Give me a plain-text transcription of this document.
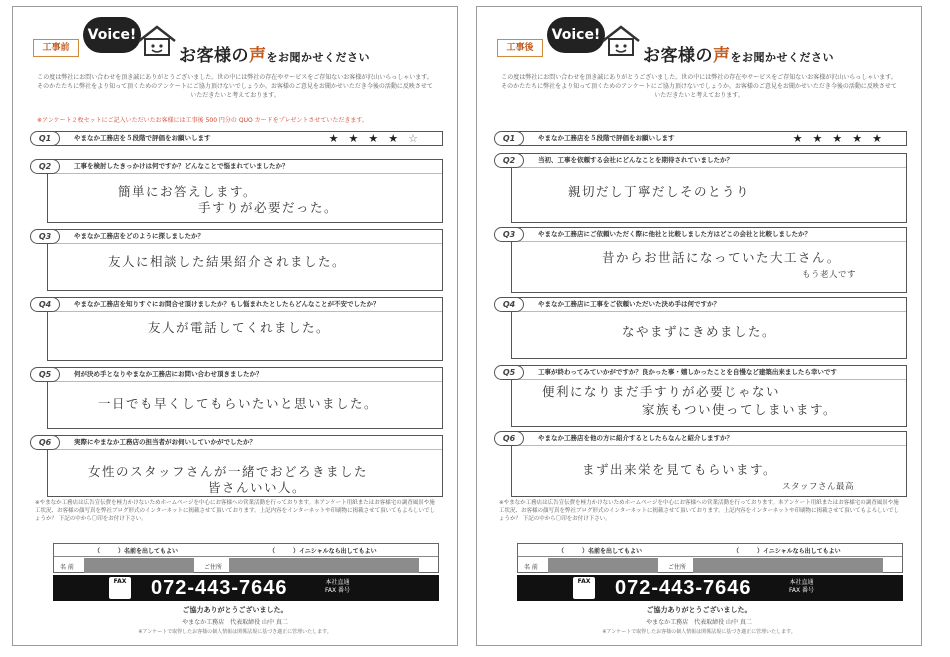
工事前
Voice!
お客様の声をお聞かせください
この度は弊社にお問い合わせを頂き誠にありがとうございました。世の中には弊社の存在やサービスをご存知ないお客様が沢山いらっしゃいます。そのかたたちに弊社をより知って頂くためのアンケートにご協力頂けないでしょうか。お客様のご意見をお聞かせいただき今後の活動に反映させていただきたいと考えております。
※アンケート２枚セットにご記入いただいたお客様には工事後 500 円分の QUO カードをプレゼントさせていただきます。
Q1	やまなか工務店を５段階で評価をお願いします	★★★★☆
Q2	工事を検討したきっかけは何ですか？どんなことで悩まれていましたか？
簡単にお答えします。
手すりが必要だった。
Q3	やまなか工務店をどのように探しましたか？
友人に相談した結果紹介されました。
Q4	やまなか工務店を知りすぐにお問合せ頂けましたか？もし悩まれたとしたらどんなことが不安でしたか？
友人が電話してくれました。
Q5	何が決め手となりやまなか工務店にお問い合わせ頂きましたか？
一日でも早くしてもらいたいと思いました。
Q6	実際にやまなか工務店の担当者がお伺いしていかがでしたか？
女性のスタッフさんが一緒でおどろきました
皆さんいい人。
※やまなか工務店は広告宣伝費を極力かけないためホームページを中心にお客様への営業活動を行っております。本アンケート用紙またはお客様宅の調査風景や施工状況、お客様の顔写真を弊社ブログ形式のインターネットに掲載させて頂いております。上記内容をインターネットや印刷物に掲載させて頂いてもよろしいでしょうか？ 下記の中から〇印をお付け下さい。
（　　　）名前を出してもよい	（　　　）イニシャルなら出してもよい
名 前	ご住所
FAX 072-443-7646	本社直通
FAX 番号
ご協力ありがとうございました。
やまなか工務店　代表取締役 山中 真二
※アンケートで取得したお客様の個人情報は関係法規に基づき適正に管理いたします。
工事後
Voice!
お客様の声をお聞かせください
この度は弊社にお問い合わせを頂き誠にありがとうございました。世の中には弊社の存在やサービスをご存知ないお客様が沢山いらっしゃいます。そのかたたちに弊社をより知って頂くためのアンケートにご協力頂けないでしょうか。お客様のご意見をお聞かせいただき今後の活動に反映させていただきたいと考えております。
Q1	やまなか工務店を５段階で評価をお願いします	★★★★★
Q2	当初、工事を依頼する会社にどんなことを期待されていましたか？
親切だし丁寧だしそのとうり
Q3	やまなか工務店にご依頼いただく際に他社と比較しました方はどこの会社と比較しましたか？
昔からお世話になっていた大工さん。
もう老人です
Q4	やまなか工務店に工事をご依頼いただいた決め手は何ですか？
なやまずにきめました。
Q5	工事が終わってみていかがですか？良かった事・嬉しかったことを自慢など建築出来ましたら幸いです
便利になりまだ手すりが必要じゃない
家族もつい使ってしまいます。
Q6	やまなか工務店を他の方に紹介するとしたらなんと紹介しますか？
まず出来栄を見てもらいます。
スタッフさん最高
※やまなか工務店は広告宣伝費を極力かけないためホームページを中心にお客様への営業活動を行っております。本アンケート用紙またはお客様宅の調査風景や施工状況、お客様の顔写真を弊社ブログ形式のインターネットに掲載させて頂いております。上記内容をインターネットや印刷物に掲載させて頂いてもよろしいでしょうか？ 下記の中から〇印をお付け下さい。
（　　　）名前を出してもよい	（　　　）イニシャルなら出してもよい
名 前	ご住所
FAX 072-443-7646	本社直通
FAX 番号
ご協力ありがとうございました。
やまなか工務店　代表取締役 山中 真二
※アンケートで取得したお客様の個人情報は関係法規に基づき適正に管理いたします。
